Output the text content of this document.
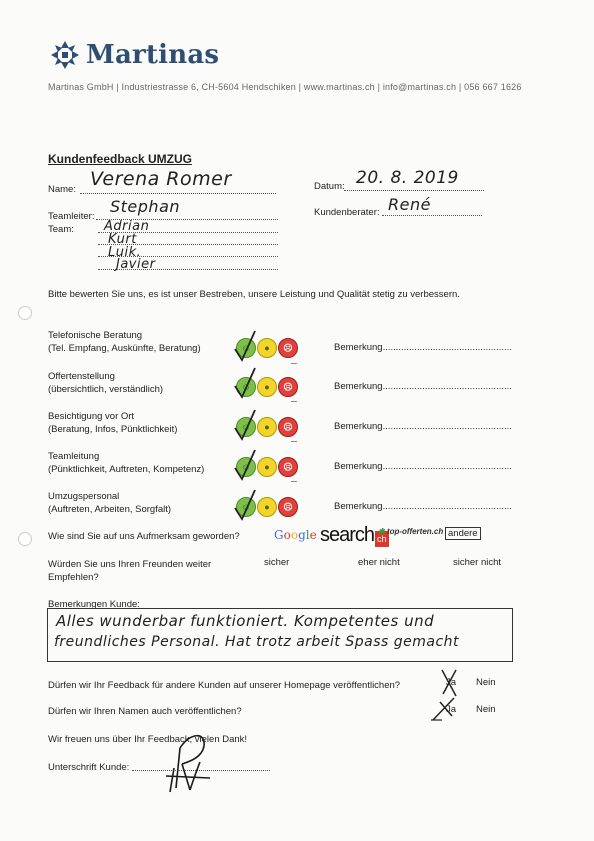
Martinas
Martinas GmbH | Industriestrasse 6, CH-5604 Hendschiken | www.martinas.ch | info@martinas.ch | 056 667 1626
Kundenfeedback UMZUG
Name: Verena Romer	Datum: 20. 8. 2019
Teamleiter:
Stephan	Kundenberater: René
Team: Adrian
Kurt
Luik.
Javier
Bitte bewerten Sie uns, es ist unser Bestreben, unsere Leistung und Qualität stetig zu verbessern.
Telefonische Beratung
(Tel. Empfang, Auskünfte, Beratung)	☺	●	☹	Bemerkung.................................................
Offertenstellung
(übersichtlich, verständlich)	☺	●	☹	Bemerkung.................................................
Besichtigung vor Ort
(Beratung, Infos, Pünktlichkeit)	☺	●	☹	Bemerkung.................................................
Teamleitung
(Pünktlichkeit, Auftreten, Kompetenz)	☺	●	☹	Bemerkung.................................................
Umzugspersonal
(Auftreten, Arbeiten, Sorgfalt)	☺	●	☹	Bemerkung.................................................
Wie sind Sie auf uns Aufmerksam geworden?	Google search ch
✱ top-offerten.ch andere
Würden Sie uns Ihren Freunden weiter
Empfehlen?
sicher	eher nicht	sicher nicht
Bemerkungen Kunde:
Alles wunderbar funktioniert. Kompetentes und
freundliches Personal. Hat trotz arbeit Spass gemacht
Dürfen wir Ihr Feedback für andere Kunden auf unserer Homepage veröffentlichen?	Ja Nein
Dürfen wir Ihren Namen auch veröffentlichen?	Ja Nein
Wir freuen uns über Ihr Feedback, vielen Dank!
Unterschrift Kunde:
